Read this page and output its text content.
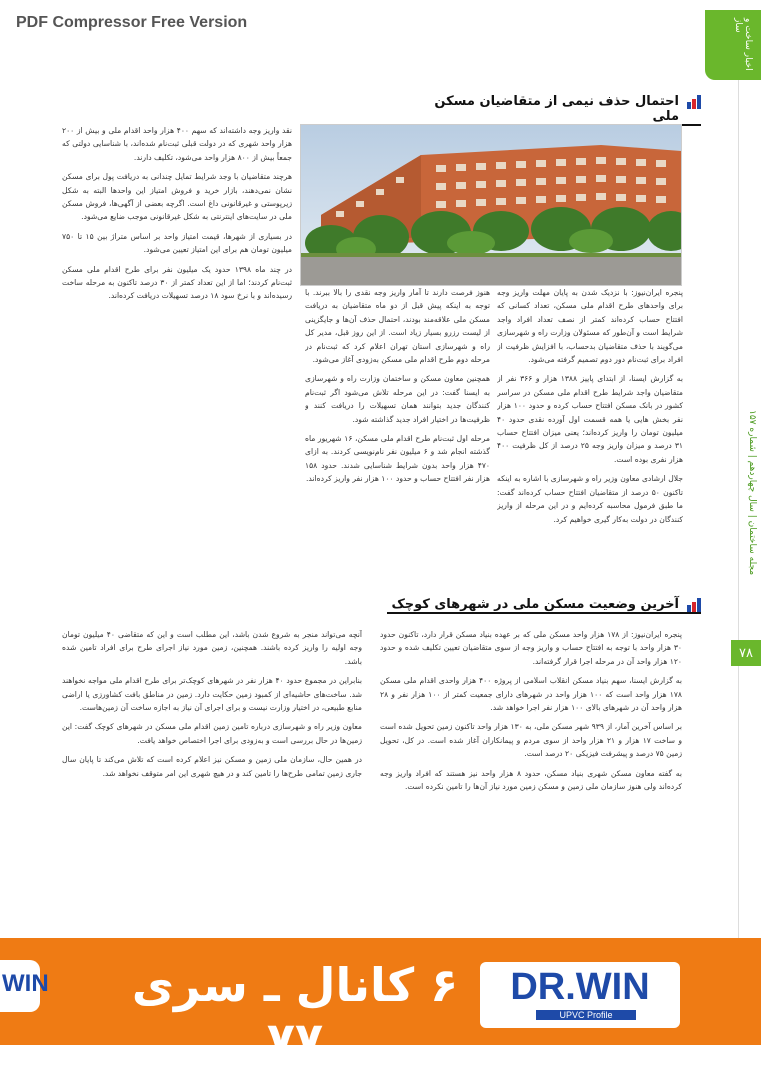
PDF Compressor Free Version	اخبار ساخت و ساز
مجله ساختمان | سال چهاردهم | شماره ۱۵۷
۷۸
احتمال حذف نیمی از متقاضیان مسکن ملی

نقد واریز وجه داشته‌اند که سهم ۴۰۰ هزار واحد اقدام ملی و بیش از ۲۰۰ هزار واحد شهری که در دولت قبلی ثبت‌نام شده‌اند، با شناسایی دولتی که جمعاً بیش از ۸۰۰ هزار واحد می‌شود، تکلیف دارند.

هرچند متقاضیان با وجد شرایط تمایل چندانی به دریافت پول برای مسکن نشان نمی‌دهند، بازار خرید و فروش امتیاز این واحدها البته به شکل زیرپوستی و غیرقانونی داغ است. اگرچه بعضی از آگهی‌ها، فروش مسکن ملی در سایت‌های اینترنتی به شکل غیرقانونی موجب ضایع می‌شود.

در بسیاری از شهرها، قیمت امتیاز واحد بر اساس متراژ بین ۱۵ تا ۷۵۰ میلیون تومان هم برای این امتیاز تعیین می‌شود.

در چند ماه ۱۳۹۸ حدود یک میلیون نفر برای طرح اقدام ملی مسکن ثبت‌نام کردند؛ اما از این تعداد کمتر از ۳۰ درصد تاکنون به مرحله ساخت رسیده‌اند و با نرخ سود ۱۸ درصد تسهیلات دریافت کرده‌اند. هنوز فرصت دارند تا آمار واریز وجه نقدی را بالا ببرند. با توجه به اینکه پیش قبل از دو ماه متقاضیان به دریافت مسکن ملی علاقه‌مند بودند، احتمال حذف آن‌ها و جایگزینی از لیست رزرو بسیار زیاد است. از این روز قبل، مدیر کل راه و شهرسازی استان تهران اعلام کرد که ثبت‌نام در مرحله دوم طرح اقدام ملی مسکن به‌زودی آغاز می‌شود.

همچنین معاون مسکن و ساختمان وزارت راه و شهرسازی به ایسنا گفت: در این مرحله تلاش می‌شود اگر ثبت‌نام کنندگان جدید بتوانند همان تسهیلات را دریافت کنند و ظرفیت‌ها در اختیار افراد جدید گذاشته شود.

مرحله اول ثبت‌نام طرح اقدام ملی مسکن، ۱۶ شهریور ماه گذشته انجام شد و ۶ میلیون نفر نام‌نویسی کردند. به ازای ۴۷۰ هزار واحد بدون شرایط شناسایی شدند. حدود ۱۵۸ هزار نفر افتتاح حساب و حدود ۱۰۰ هزار نفر واریز کرده‌اند.

پنجره ایران‌نیوز: با نزدیک شدن به پایان مهلت واریز وجه برای واحدهای طرح اقدام ملی مسکن، تعداد کسانی که افتتاح حساب کرده‌اند کمتر از نصف تعداد افراد واجد شرایط است و آن‌طور که مسئولان وزارت راه و شهرسازی می‌گویند با حذف متقاضیان بدحساب، با افزایش ظرفیت از افراد برای ثبت‌نام دور دوم تصمیم گرفته می‌شود.

به گزارش ایسنا، از ابتدای پاییز ۱۳۸۸ هزار و ۳۶۶ نفر از متقاضیان واجد شرایط طرح اقدام ملی مسکن در سراسر کشور در بانک مسکن افتتاح حساب کرده و حدود ۱۰۰ هزار نفر بخش هایی یا همه قسمت اول آورده نقدی حدود ۴۰ میلیون تومان را واریز کرده‌اند؛ یعنی میزان افتتاح حساب ۳۱ درصد و میزان واریز وجه ۲۵ درصد از کل ظرفیت ۴۰۰ هزار نفری بوده است.

جلال ارشادی معاون وزیر راه و شهرسازی با اشاره به اینکه تاکنون ۵۰ درصد از متقاضیان افتتاح حساب کرده‌اند گفت: ما طبق فرمول محاسبه کرده‌ایم و در این مرحله از واریز کنندگان در دولت به‌کار گیری خواهیم کرد.

آخرین وضعیت مسکن ملی در شهرهای کوچک

آنچه می‌تواند منجر به شروع شدن باشد، این مطلب است و این که متقاضی ۴۰ میلیون تومان وجه اولیه را واریز کرده باشند. همچنین، زمین مورد نیاز اجرای طرح برای افراد تامین شده باشد.

بنابراین در مجموع حدود ۴۰ هزار نفر در شهرهای کوچک‌تر برای طرح اقدام ملی مواجه نخواهند شد. ساخت‌های حاشیه‌ای از کمبود زمین حکایت دارد. زمین در مناطق بافت کشاورزی یا اراضی منابع طبیعی، در اختیار وزارت نیست و برای اجرای آن نیاز به اجازه ساخت آن زمین‌هاست.

معاون وزیر راه و شهرسازی درباره تامین زمین اقدام ملی مسکن در شهرهای کوچک گفت: این زمین‌ها در حال بررسی است و به‌زودی برای اجرا اختصاص خواهد یافت.

در همین حال، سازمان ملی زمین و مسکن نیز اعلام کرده است که تلاش می‌کند تا پایان سال جاری زمین تمامی طرح‌ها را تامین کند و در هیچ شهری این امر متوقف نخواهد شد.

پنجره ایران‌نیوز: از ۱۷۸ هزار واحد مسکن ملی که بر عهده بنیاد مسکن قرار دارد، تاکنون حدود ۳۰ هزار واحد با توجه به افتتاح حساب و واریز وجه از سوی متقاضیان تعیین تکلیف شده و حدود ۱۲۰ هزار واحد آن در مرحله اجرا قرار گرفته‌اند.

به گزارش ایسنا، سهم بنیاد مسکن انقلاب اسلامی از پروژه ۴۰۰ هزار واحدی اقدام ملی مسکن ۱۷۸ هزار واحد است که ۱۰۰ هزار واحد در شهرهای دارای جمعیت کمتر از ۱۰۰ هزار نفر و ۲۸ هزار واحد آن در شهرهای بالای ۱۰۰ هزار نفر اجرا خواهد شد.

بر اساس آخرین آمار، از ۹۳۹ شهر مسکن ملی، به ۱۳۰ هزار واحد تاکنون زمین تحویل شده است و ساخت ۱۷ هزار و ۲۱ هزار واحد از سوی مردم و پیمانکاران آغاز شده است. در کل، تحویل زمین ۷۵ درصد و پیشرفت فیزیکی ۲۰ درصد است.

به گفته معاون مسکن شهری بنیاد مسکن، حدود ۸ هزار واحد نیز هستند که افراد واریز وجه کرده‌اند ولی هنوز سازمان ملی زمین و مسکن زمین مورد نیاز آن‌ها را تامین نکرده است.

WIN ۶ کانال ـ سری ۷۷
DR.WIN
UPVC Profile
